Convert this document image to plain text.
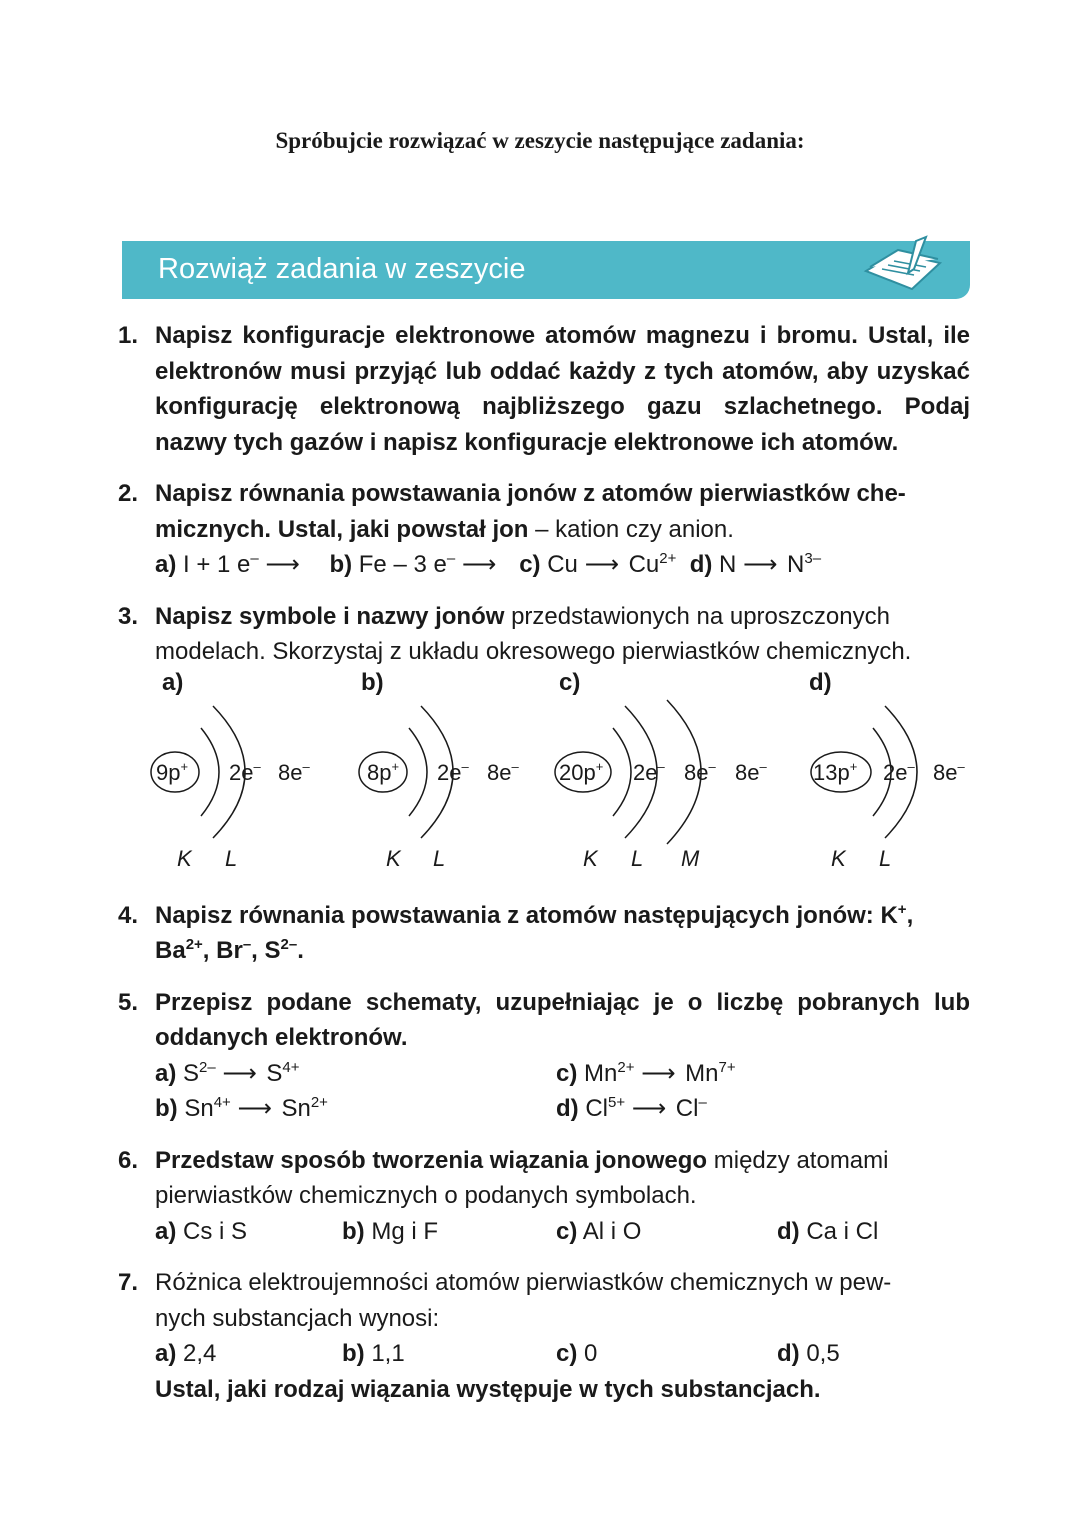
Spróbujcie rozwiązać w zeszycie następujące zadania:
Rozwiąż zadania w zeszycie
1. Napisz konfiguracje elektronowe atomów magnezu i bromu. Ustal, ile elektronów musi przyjąć lub oddać każdy z tych atomów, aby uzyskać konfigurację elektronową najbliższego gazu szlachetnego. Podaj nazwy tych gazów i napisz konfiguracje elektronowe ich atomów.
2. Napisz równania powstawania jonów z atomów pierwiastków che-
micznych. Ustal, jaki powstał jon – kation czy anion.
a) I + 1 e– ⟶ b) Fe – 3 e– ⟶ c) Cu ⟶ $Cu^{2+}$ d) N ⟶ $N^{3-}$
3. Napisz symbole i nazwy jonów przedstawionych na uproszczonych
modelach. Skorzystaj z układu okresowego pierwiastków chemicznych.
a)	b)	c)	d)
9p+ 2e– 8e–
K L
8p+ 2e– 8e–
K L
20p+ 2e– 8e– 8e–
K L M
13p+ 2e– 8e–
K L
4. Napisz równania powstawania z atomów następujących jonów: K+,
$Ba^{2+}$, Br–, $S^{2-}$.
5. Przepisz podane schematy, uzupełniając je o liczbę pobranych lub oddanych elektronów.
a) $S^{2-}$ ⟶ $S^{4+}$	c) $Mn^{2+}$ ⟶ $Mn^{7+}$
b) $Sn^{4+}$ ⟶ $Sn^{2+}$	d) $Cl^{5+}$ ⟶ Cl–
6. Przedstaw sposób tworzenia wiązania jonowego między atomami
pierwiastków chemicznych o podanych symbolach.
a) Cs i S	b) Mg i F	c) Al i O	d) Ca i Cl
7. Różnica elektroujemności atomów pierwiastków chemicznych w pew-
nych substancjach wynosi:
a) 2,4	b) 1,1	c) 0	d) 0,5
Ustal, jaki rodzaj wiązania występuje w tych substancjach.
